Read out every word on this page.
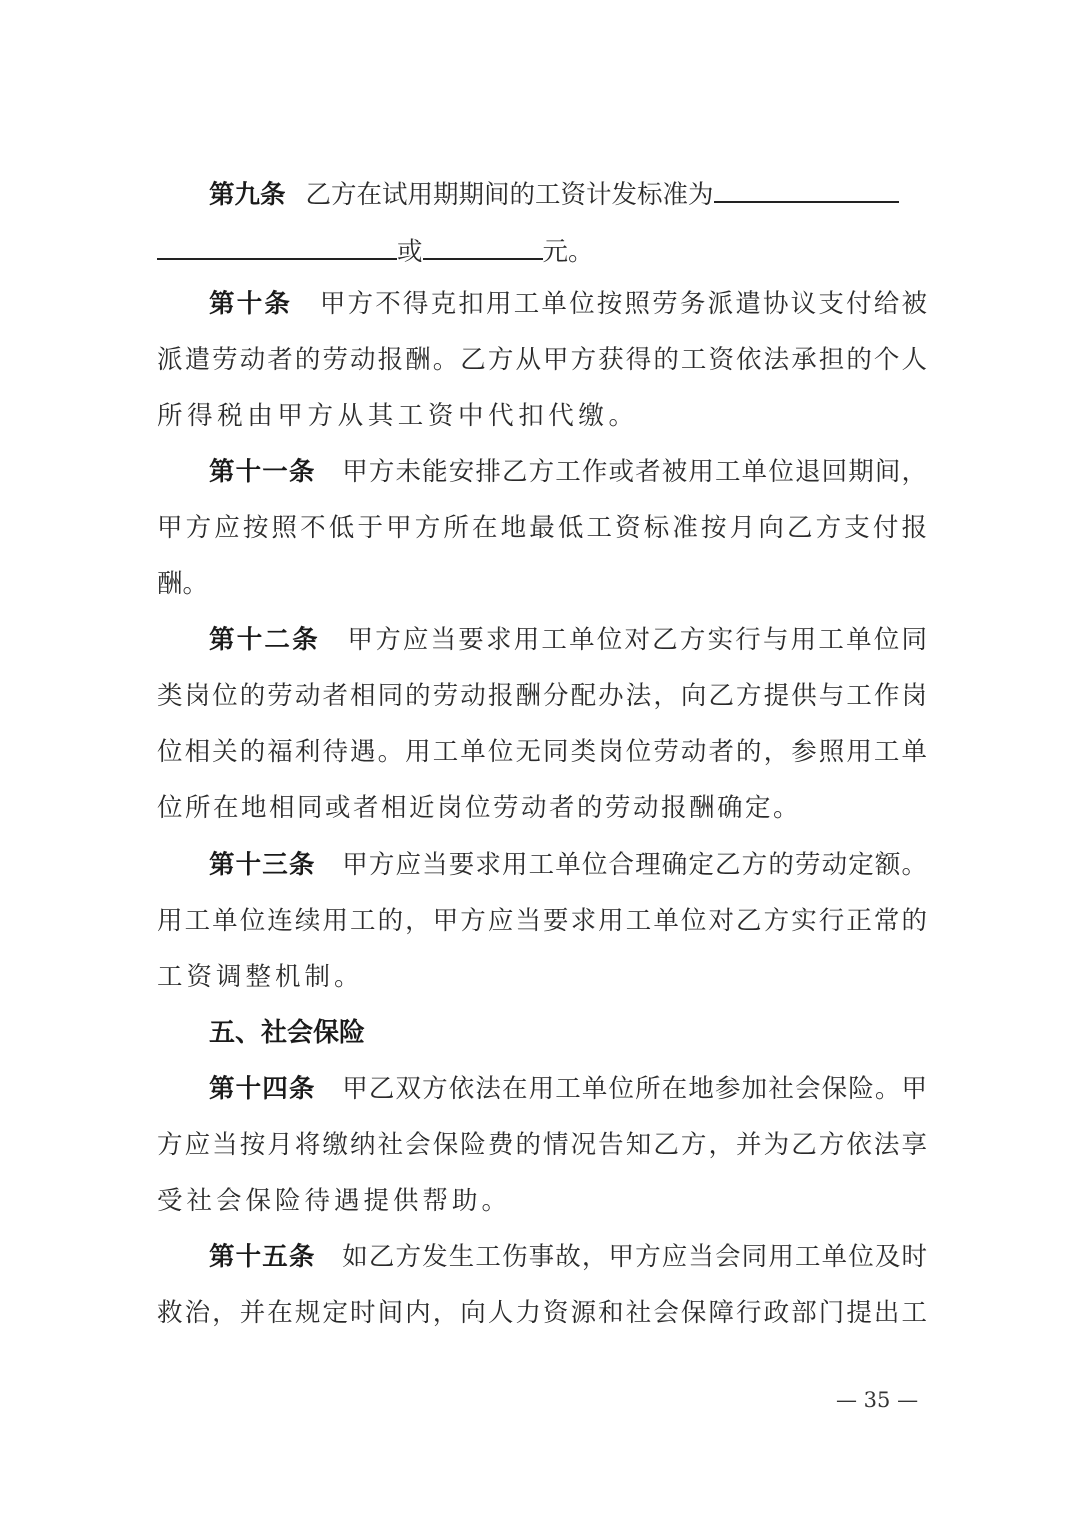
第九条 乙方在试用期期间的工资计发标准为
或	元。
第十条　 甲方不得克扣用工单位按照劳务派遣协议支付给被
派遣劳动者的劳动报酬。乙方从甲方获得的工资依法承担的个人
所得税由甲方从其工资中代扣代缴。
第十一条　 甲方未能安排乙方工作或者被用工单位退回期间，
甲方应按照不低于甲方所在地最低工资标准按月向乙方支付报
酬。
第十二条　 甲方应当要求用工单位对乙方实行与用工单位同
类岗位的劳动者相同的劳动报酬分配办法，向乙方提供与工作岗
位相关的福利待遇。用工单位无同类岗位劳动者的，参照用工单
位所在地相同或者相近岗位劳动者的劳动报酬确定。
第十三条　 甲方应当要求用工单位合理确定乙方的劳动定额。
用工单位连续用工的，甲方应当要求用工单位对乙方实行正常的
工资调整机制。
五、社会保险
第十四条　 甲乙双方依法在用工单位所在地参加社会保险。甲
方应当按月将缴纳社会保险费的情况告知乙方，并为乙方依法享
受社会保险待遇提供帮助。
第十五条　 如乙方发生工伤事故，甲方应当会同用工单位及时
救治，并在规定时间内，向人力资源和社会保障行政部门提出工
— 35 —
